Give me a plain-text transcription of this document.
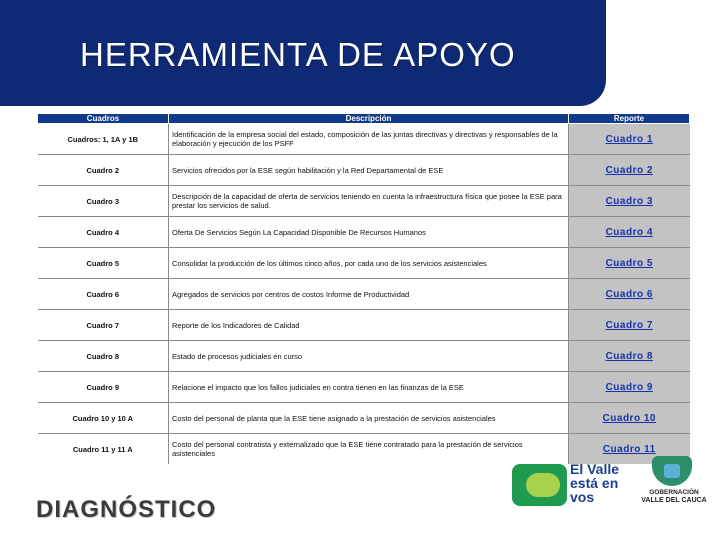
HERRAMIENTA DE APOYO
Cuadros	Descripción	Reporte
Cuadros: 1, 1A y 1B	Identificación de la empresa social del estado, composición de las juntas directivas y directivas y responsables de la elaboración y ejecución de los PSFF	Cuadro 1
Cuadro 2	Servicios ofrecidos por la ESE según habilitación y la Red Departamental de ESE	Cuadro 2
Cuadro 3	Descripción de la capacidad de oferta de servicios teniendo en cuenta la infraestructura física que posee la ESE para prestar los servicios de salud.	Cuadro 3
Cuadro 4	Oferta De Servicios Según La Capacidad Disponible De Recursos Humanos	Cuadro 4
Cuadro 5	Consolidar la producción de los últimos cinco años, por cada uno de los servicios asistenciales	Cuadro 5
Cuadro 6	Agregados de servicios por centros de costos Informe de Productividad	Cuadro 6
Cuadro 7	Reporte de los Indicadores de Calidad	Cuadro 7
Cuadro 8	Estado de procesos judiciales en curso	Cuadro 8
Cuadro 9	Relacione el impacto que los fallos judiciales en contra tienen en las finanzas de la ESE	Cuadro 9
Cuadro 10 y 10 A	Costo del personal de planta que la ESE tiene asignado a la prestación de servicios asistenciales	Cuadro 10
Cuadro 11 y 11 A	Costo del personal contratista y externalizado que la ESE tiene contratado para la prestación de servicios asistenciales	Cuadro 11
DIAGNÓSTICO
El Valle está en vos	GOBERNACIÓN
VALLE DEL CAUCA
